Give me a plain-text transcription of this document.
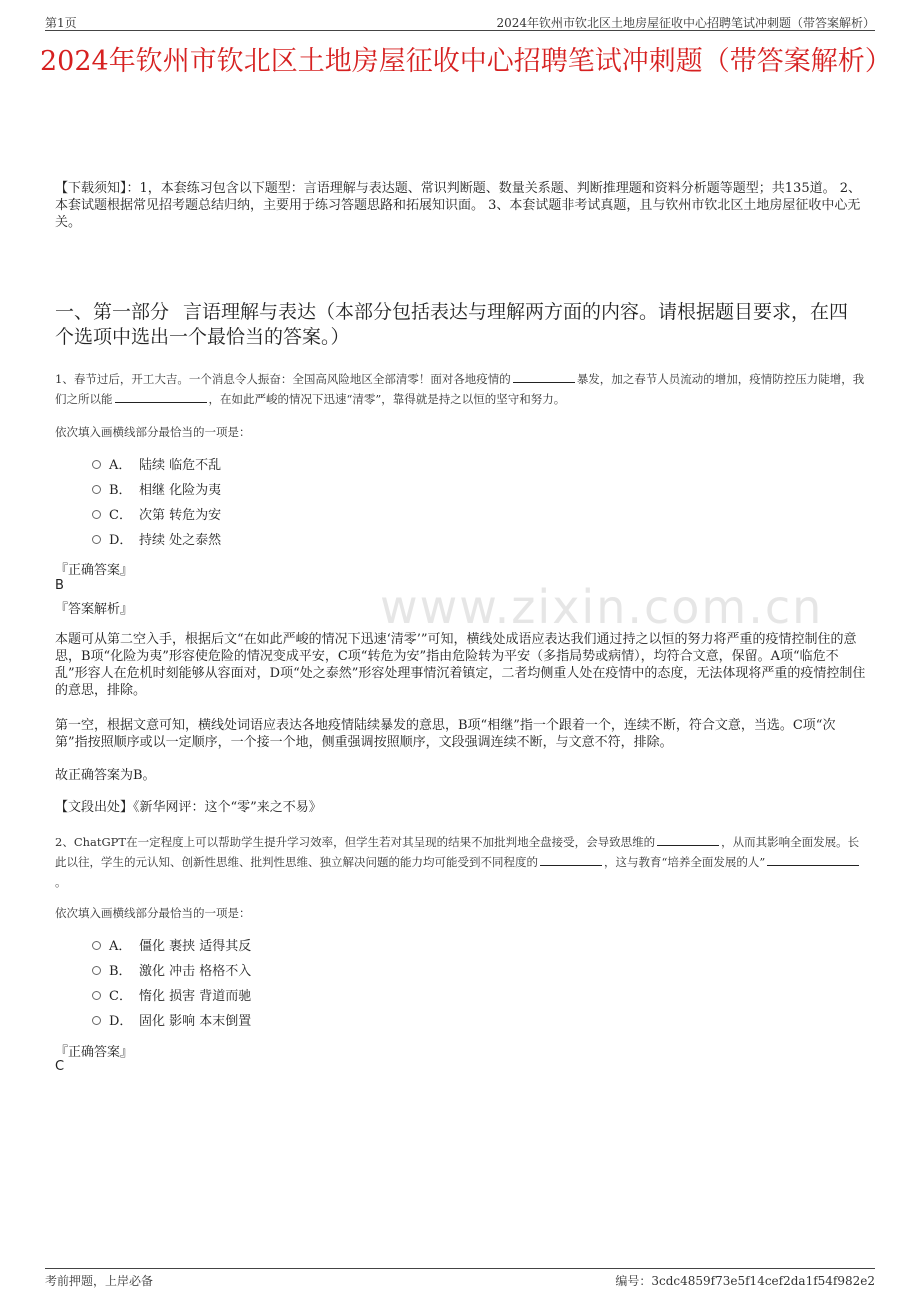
第1页	2024年钦州市钦北区土地房屋征收中心招聘笔试冲刺题（带答案解析）
2024年钦州市钦北区土地房屋征收中心招聘笔试冲刺题（带答案解析）
【下载须知】：1，本套练习包含以下题型：言语理解与表达题、常识判断题、数量关系题、判断推理题和资料分析题等题型；共135道。 2、本套试题根据常见招考题总结归纳，主要用于练习答题思路和拓展知识面。 3、本套试题非考试真题，且与钦州市钦北区土地房屋征收中心无关。
一、第一部分 言语理解与表达（本部分包括表达与理解两方面的内容。请根据题目要求，在四个选项中选出一个最恰当的答案。）
1、春节过后，开工大吉。一个消息令人振奋：全国高风险地区全部清零！面对各地疫情的	暴发，加之春节人员流动的增加，疫情防控压力陡增，我们之所以能	，在如此严峻的情况下迅速“清零”，靠得就是持之以恒的坚守和努力。
依次填入画横线部分最恰当的一项是：
A． 陆续 临危不乱
B． 相继 化险为夷
C． 次第 转危为安
D． 持续 处之泰然
『正确答案』
B
『答案解析』	www.zixin.com.cn
本题可从第二空入手，根据后文“在如此严峻的情况下迅速‘清零’”可知，横线处成语应表达我们通过持之以恒的努力将严重的疫情控制住的意思，B项“化险为夷”形容使危险的情况变成平安，C项“转危为安”指由危险转为平安（多指局势或病情），均符合文意，保留。A项“临危不乱”形容人在危机时刻能够从容面对，D项“处之泰然”形容处理事情沉着镇定，二者均侧重人处在疫情中的态度，无法体现将严重的疫情控制住的意思，排除。
第一空，根据文意可知，横线处词语应表达各地疫情陆续暴发的意思，B项“相继”指一个跟着一个，连续不断，符合文意，当选。C项“次第”指按照顺序或以一定顺序，一个接一个地，侧重强调按照顺序，文段强调连续不断，与文意不符，排除。
故正确答案为B。
【文段出处】《新华网评：这个“零”来之不易》
2、ChatGPT在一定程度上可以帮助学生提升学习效率，但学生若对其呈现的结果不加批判地全盘接受，会导致思维的	，从而其影响全面发展。长此以往，学生的元认知、创新性思维、批判性思维、独立解决问题的能力均可能受到不同程度的	，这与教育“培养全面发展的人”。
依次填入画横线部分最恰当的一项是：
A． 僵化 裹挟 适得其反
B． 激化 冲击 格格不入
C． 惰化 损害 背道而驰
D． 固化 影响 本末倒置
『正确答案』
C
考前押题，上岸必备	编号：3cdc4859f73e5f14cef2da1f54f982e2
